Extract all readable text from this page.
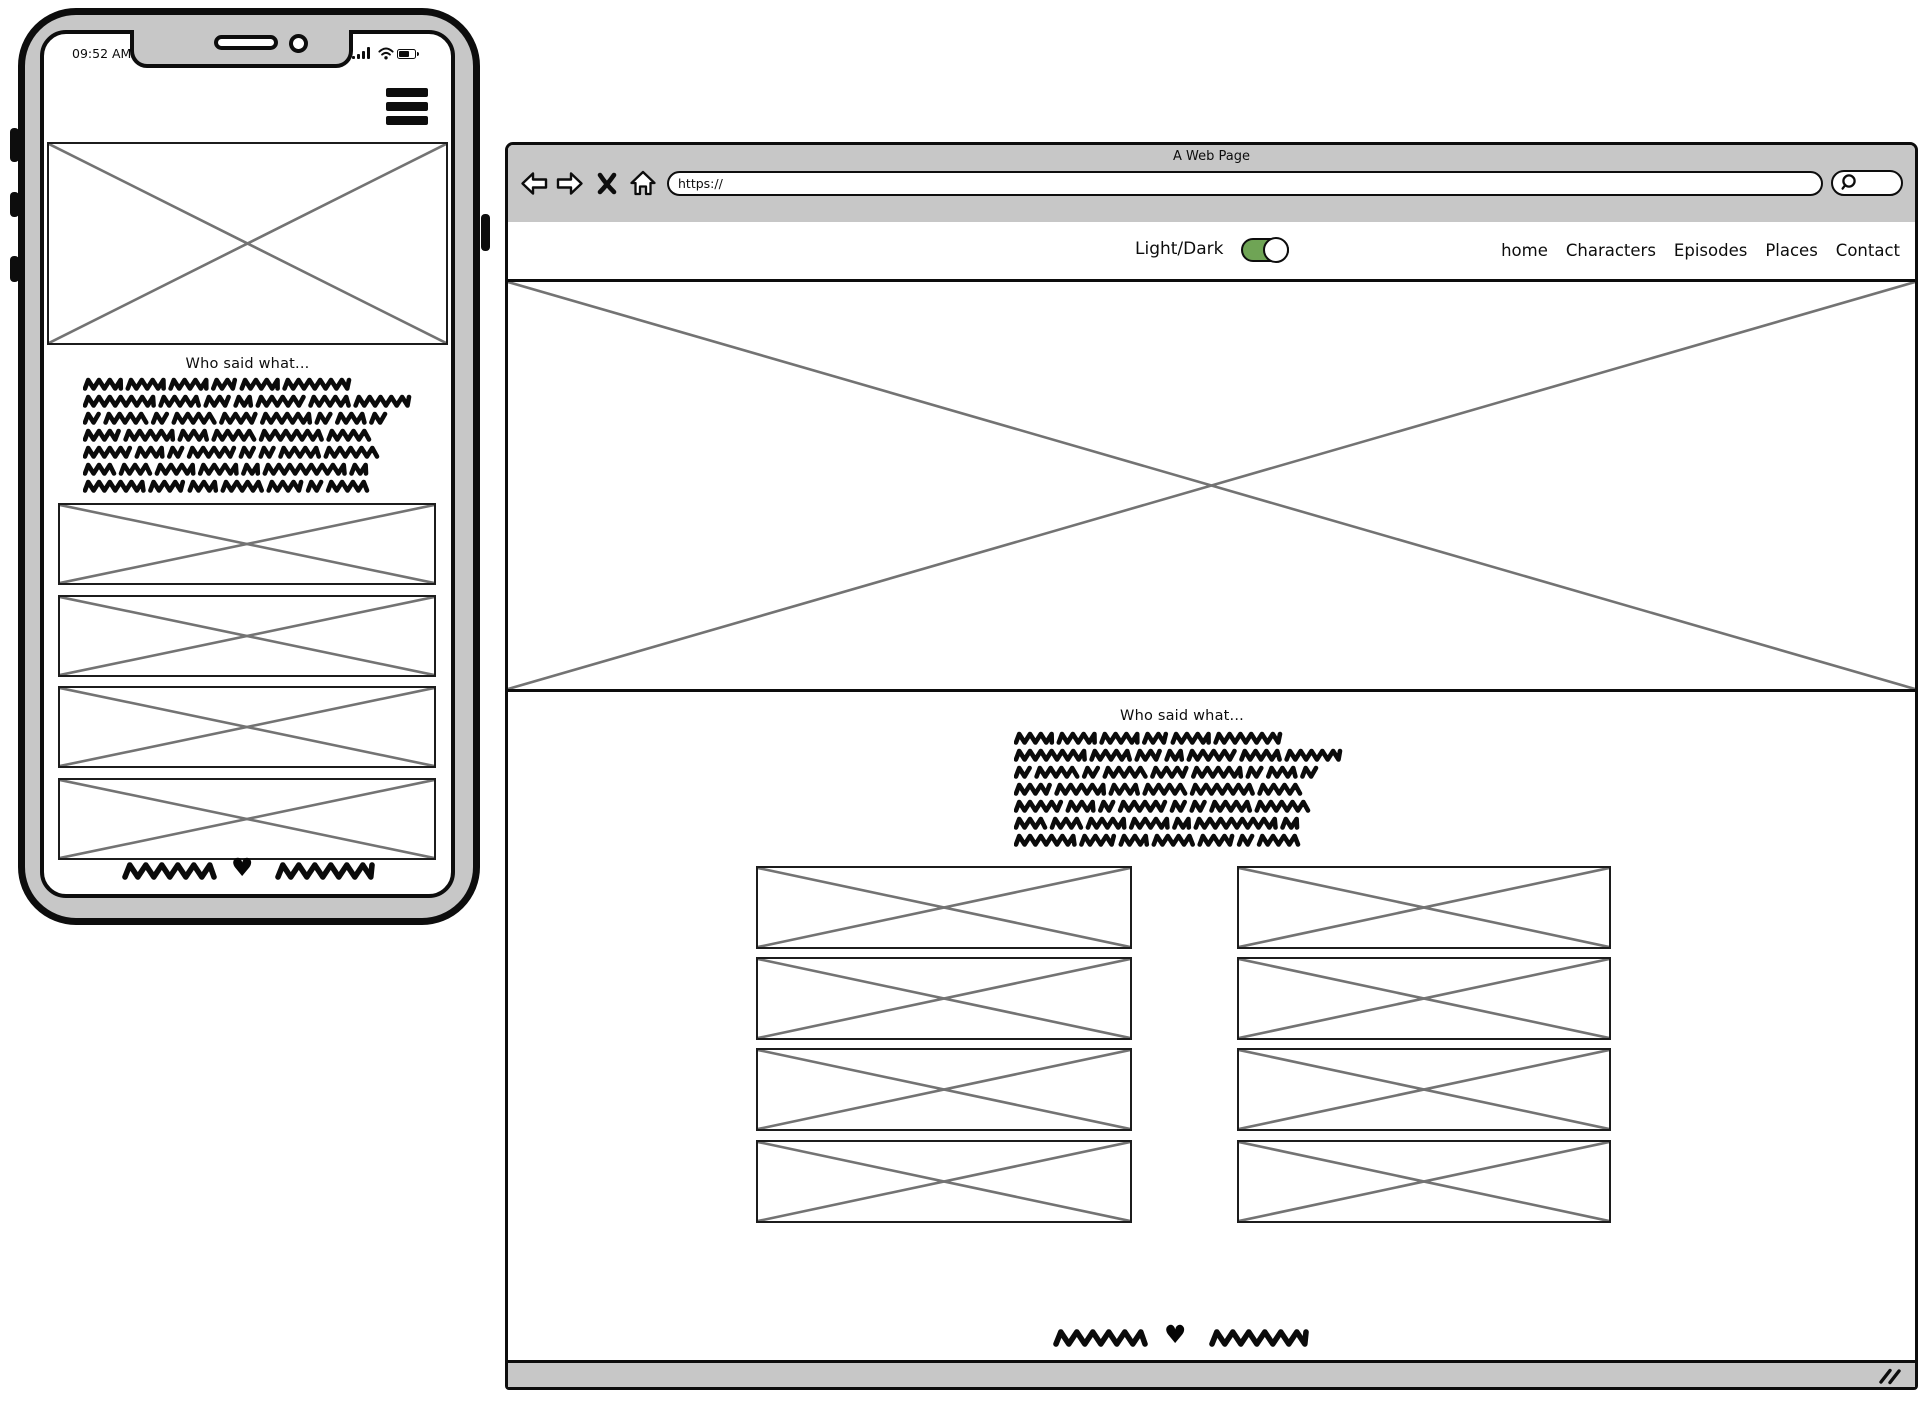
09:52 AM
Who said what...
♥
A Web Page
https://
Light/Dark	home Characters Episodes Places Contact
Who said what...
♥
